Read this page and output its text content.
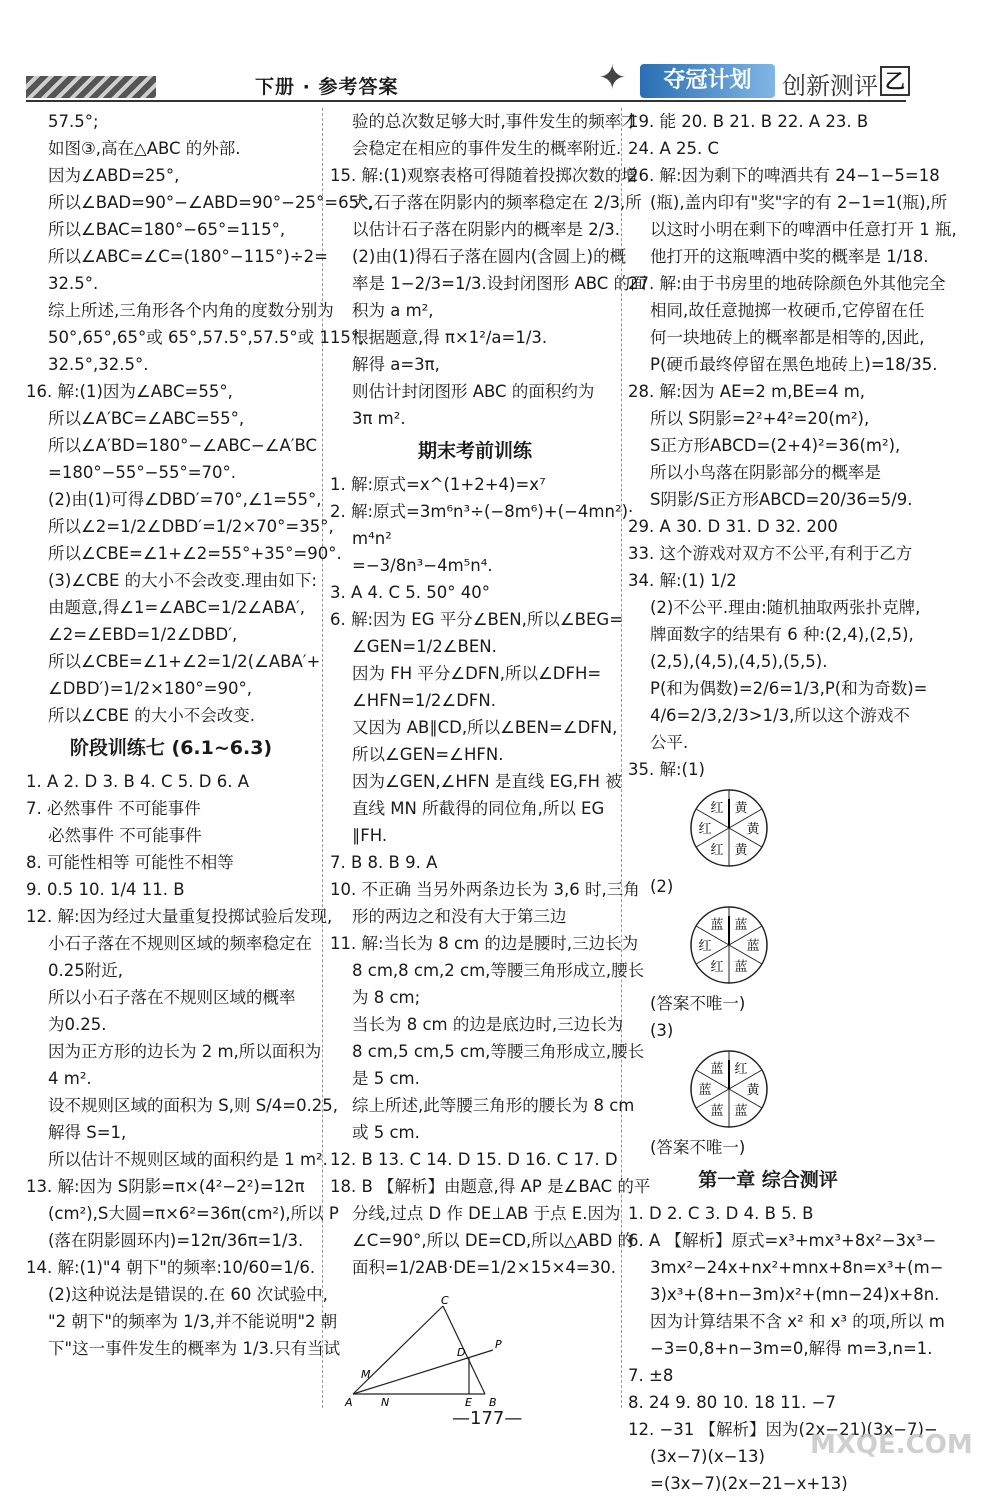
下册 · 参考答案	✦	夺冠计划	创新测评 乙
57.5°;
如图③,高在△ABC 的外部.
因为∠ABD=25°,
所以∠BAD=90°−∠ABD=90°−25°=65°,
所以∠BAC=180°−65°=115°,
所以∠ABC=∠C=(180°−115°)÷2=
32.5°.
综上所述,三角形各个内角的度数分别为
50°,65°,65°或 65°,57.5°,57.5°或 115°,
32.5°,32.5°.
16. 解:(1)因为∠ABC=55°,
所以∠A′BC=∠ABC=55°,
所以∠A′BD=180°−∠ABC−∠A′BC
=180°−55°−55°=70°.
(2)由(1)可得∠DBD′=70°,∠1=55°,
所以∠2=1/2∠DBD′=1/2×70°=35°,
所以∠CBE=∠1+∠2=55°+35°=90°.
(3)∠CBE 的大小不会改变.理由如下:
由题意,得∠1=∠ABC=1/2∠ABA′,
∠2=∠EBD=1/2∠DBD′,
所以∠CBE=∠1+∠2=1/2(∠ABA′+
∠DBD′)=1/2×180°=90°,
所以∠CBE 的大小不会改变.
阶段训练七 (6.1~6.3)
1. A 2. D 3. B 4. C 5. D 6. A
7. 必然事件 不可能事件
必然事件 不可能事件
8. 可能性相等 可能性不相等
9. 0.5 10. 1/4 11. B
12. 解:因为经过大量重复投掷试验后发现,
小石子落在不规则区域的频率稳定在
0.25附近,
所以小石子落在不规则区域的概率
为0.25.
因为正方形的边长为 2 m,所以面积为
4 m².
设不规则区域的面积为 S,则 S/4=0.25,
解得 S=1,
所以估计不规则区域的面积约是 1 m².
13. 解:因为 S阴影=π×(4²−2²)=12π
(cm²),S大圆=π×6²=36π(cm²),所以 P
(落在阴影圆环内)=12π/36π=1/3.
14. 解:(1)"4 朝下"的频率:10/60=1/6.
(2)这种说法是错误的.在 60 次试验中,
"2 朝下"的频率为 1/3,并不能说明"2 朝
下"这一事件发生的概率为 1/3.只有当试
验的总次数足够大时,事件发生的频率才
会稳定在相应的事件发生的概率附近.
15. 解:(1)观察表格可得随着投掷次数的增
大,石子落在阴影内的频率稳定在 2/3,所
以估计石子落在阴影内的概率是 2/3.
(2)由(1)得石子落在圆内(含圆上)的概
率是 1−2/3=1/3.设封闭图形 ABC 的面
积为 a m²,
根据题意,得 π×1²/a=1/3.
解得 a=3π,
则估计封闭图形 ABC 的面积约为
3π m².
期末考前训练
1. 解:原式=x^(1+2+4)=x⁷
2. 解:原式=3m⁶n³÷(−8m⁶)+(−4mn²)·
m⁴n²
=−3/8n³−4m⁵n⁴.
3. A 4. C 5. 50° 40°
6. 解:因为 EG 平分∠BEN,所以∠BEG=
∠GEN=1/2∠BEN.
因为 FH 平分∠DFN,所以∠DFH=
∠HFN=1/2∠DFN.
又因为 AB∥CD,所以∠BEN=∠DFN,
所以∠GEN=∠HFN.
因为∠GEN,∠HFN 是直线 EG,FH 被
直线 MN 所截得的同位角,所以 EG
∥FH.
7. B 8. B 9. A
10. 不正确 当另外两条边长为 3,6 时,三角
形的两边之和没有大于第三边
11. 解:当长为 8 cm 的边是腰时,三边长为
8 cm,8 cm,2 cm,等腰三角形成立,腰长
为 8 cm;
当长为 8 cm 的边是底边时,三边长为
8 cm,5 cm,5 cm,等腰三角形成立,腰长
是 5 cm.
综上所述,此等腰三角形的腰长为 8 cm
或 5 cm.
12. B 13. C 14. D 15. D 16. C 17. D
18. B 【解析】由题意,得 AP 是∠BAC 的平
分线,过点 D 作 DE⊥AB 于点 E.因为
∠C=90°,所以 DE=CD,所以△ABD 的
面积=1/2AB·DE=1/2×15×4=30.
19. 能 20. B 21. B 22. A 23. B
24. A 25. C
26. 解:因为剩下的啤酒共有 24−1−5=18
(瓶),盖内印有"奖"字的有 2−1=1(瓶),所
以这时小明在剩下的啤酒中任意打开 1 瓶,
他打开的这瓶啤酒中奖的概率是 1/18.
27. 解:由于书房里的地砖除颜色外其他完全
相同,故任意抛掷一枚硬币,它停留在任
何一块地砖上的概率都是相等的,因此,
P(硬币最终停留在黑色地砖上)=18/35.
28. 解:因为 AE=2 m,BE=4 m,
所以 S阴影=2²+4²=20(m²),
S正方形ABCD=(2+4)²=36(m²),
所以小鸟落在阴影部分的概率是
S阴影/S正方形ABCD=20/36=5/9.
29. A 30. D 31. D 32. 200
33. 这个游戏对双方不公平,有利于乙方
34. 解:(1) 1/2
(2)不公平.理由:随机抽取两张扑克牌,
牌面数字的结果有 6 种:(2,4),(2,5),
(2,5),(4,5),(4,5),(5,5).
P(和为偶数)=2/6=1/3,P(和为奇数)=
4/6=2/3,2/3>1/3,所以这个游戏不
公平.
35. 解:(1)
黄
黄
黄
红
红
红
(2)
蓝
蓝
蓝
红
红
蓝
(答案不唯一)
(3)
红
黄
蓝
蓝
蓝
蓝
(答案不唯一)
第一章 综合测评
1. D 2. C 3. D 4. B 5. B
6. A 【解析】原式=x³+mx³+8x²−3x³−
3mx²−24x+nx²+mnx+8n=x³+(m−
3)x³+(8+n−3m)x²+(mn−24)x+8n.
因为计算结果不含 x² 和 x³ 的项,所以 m
−3=0,8+n−3m=0,解得 m=3,n=1.
7. ±8
8. 24 9. 80 10. 18 11. −7
12. −31 【解析】因为(2x−21)(3x−7)−
(3x−7)(x−13)
=(3x−7)(2x−21−x+13)
A	B
C
D
E
N
M
P
—177—
MXQE.COM
